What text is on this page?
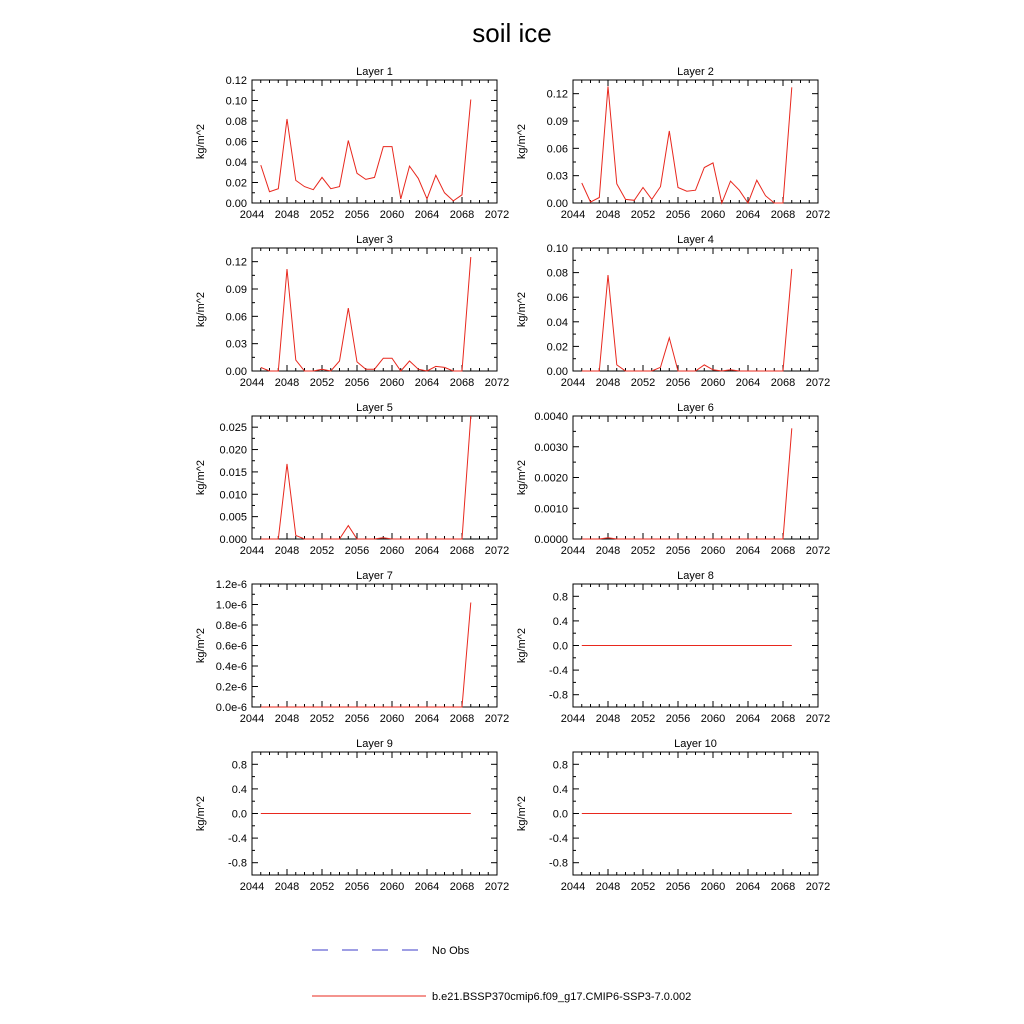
soil ice
Layer 1
kg/m^2
2044 2048 2052 2056 2060 2064 2068 2072
0.00
0.02
0.04
0.06
0.08
0.10
0.12
Layer 2
kg/m^2
2044 2048 2052 2056 2060 2064 2068 2072
0.00
0.03
0.06
0.09
0.12
Layer 3
kg/m^2
2044 2048 2052 2056 2060 2064 2068 2072
0.00
0.03
0.06
0.09
0.12
Layer 4
kg/m^2
2044 2048 2052 2056 2060 2064 2068 2072
0.00
0.02
0.04
0.06
0.08
0.10
Layer 5
kg/m^2
2044 2048 2052 2056 2060 2064 2068 2072
0.000
0.005
0.010
0.015
0.020
0.025
Layer 6
kg/m^2
2044 2048 2052 2056 2060 2064 2068 2072
0.0000
0.0010
0.0020
0.0030
0.0040
Layer 7
kg/m^2
2044 2048 2052 2056 2060 2064 2068 2072
0.0e-6
0.2e-6
0.4e-6
0.6e-6
0.8e-6
1.0e-6
1.2e-6
Layer 8
kg/m^2
2044 2048 2052 2056 2060 2064 2068 2072
-0.8
-0.4
0.0
0.4
0.8
Layer 9
kg/m^2
2044 2048 2052 2056 2060 2064 2068 2072
-0.8
-0.4
0.0
0.4
0.8
Layer 10
kg/m^2
2044 2048 2052 2056 2060 2064 2068 2072
-0.8
-0.4
0.0
0.4
0.8
No Obs
b.e21.BSSP370cmip6.f09_g17.CMIP6-SSP3-7.0.002
